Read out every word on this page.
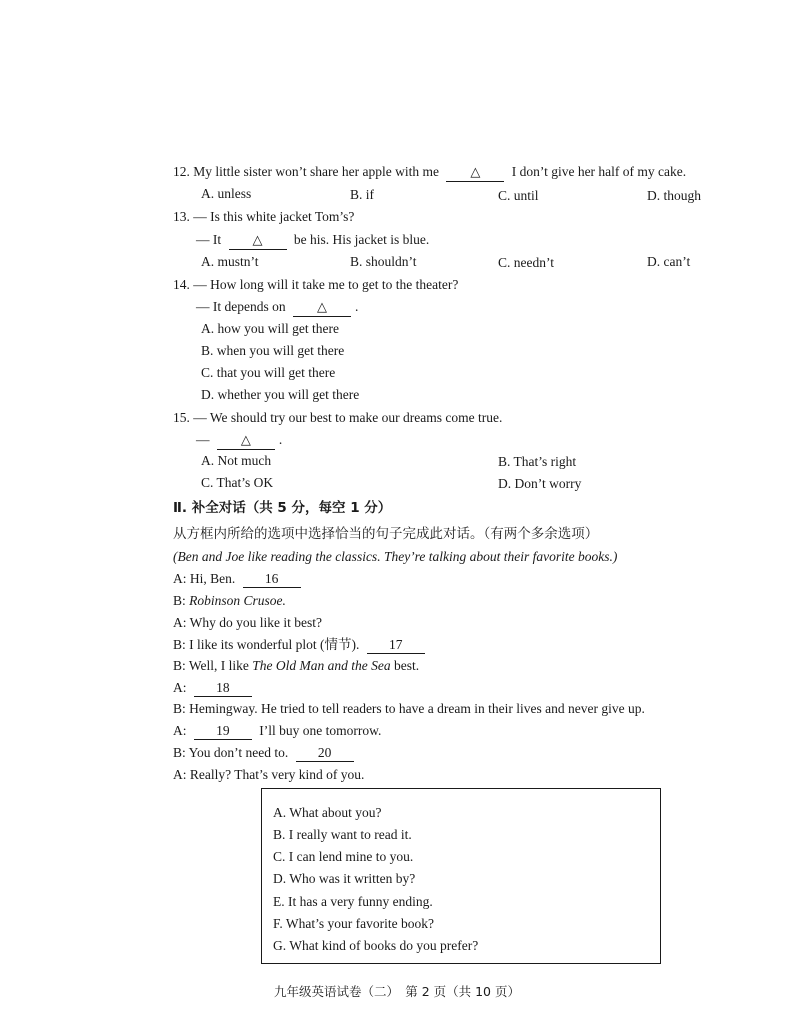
12. My little sister won’t share her apple with me △ I don’t give her half of my cake.
A. unless	B. if	C. until	D. though
13. — Is this white jacket Tom’s?
— It △ be his. His jacket is blue.
A. mustn’t	B. shouldn’t	C. needn’t	D. can’t
14. — How long will it take me to get to the theater?
— It depends on △ .
A. how you will get there
B. when you will get there
C. that you will get there
D. whether you will get there
15. — We should try our best to make our dreams come true.
— △ .
A. Not much	B. That’s right
C. That’s OK	D. Don’t worry
Ⅱ. 补全对话（共 5 分，每空 1 分）
从方框内所给的选项中选择恰当的句子完成此对话。（有两个多余选项）
(Ben and Joe like reading the classics. They’re talking about their favorite books.)
A: Hi, Ben. 16
B: Robinson Crusoe.
A: Why do you like it best?
B: I like its wonderful plot (情节). 17
B: Well, I like The Old Man and the Sea best.
A: 18
B: Hemingway. He tried to tell readers to have a dream in their lives and never give up.
A: 19 I’ll buy one tomorrow.
B: You don’t need to. 20
A: Really? That’s very kind of you.
A. What about you?
B. I really want to read it.
C. I can lend mine to you.
D. Who was it written by?
E. It has a very funny ending.
F. What’s your favorite book?
G. What kind of books do you prefer?
九年级英语试卷（二）　第 2 页（共 10 页）
